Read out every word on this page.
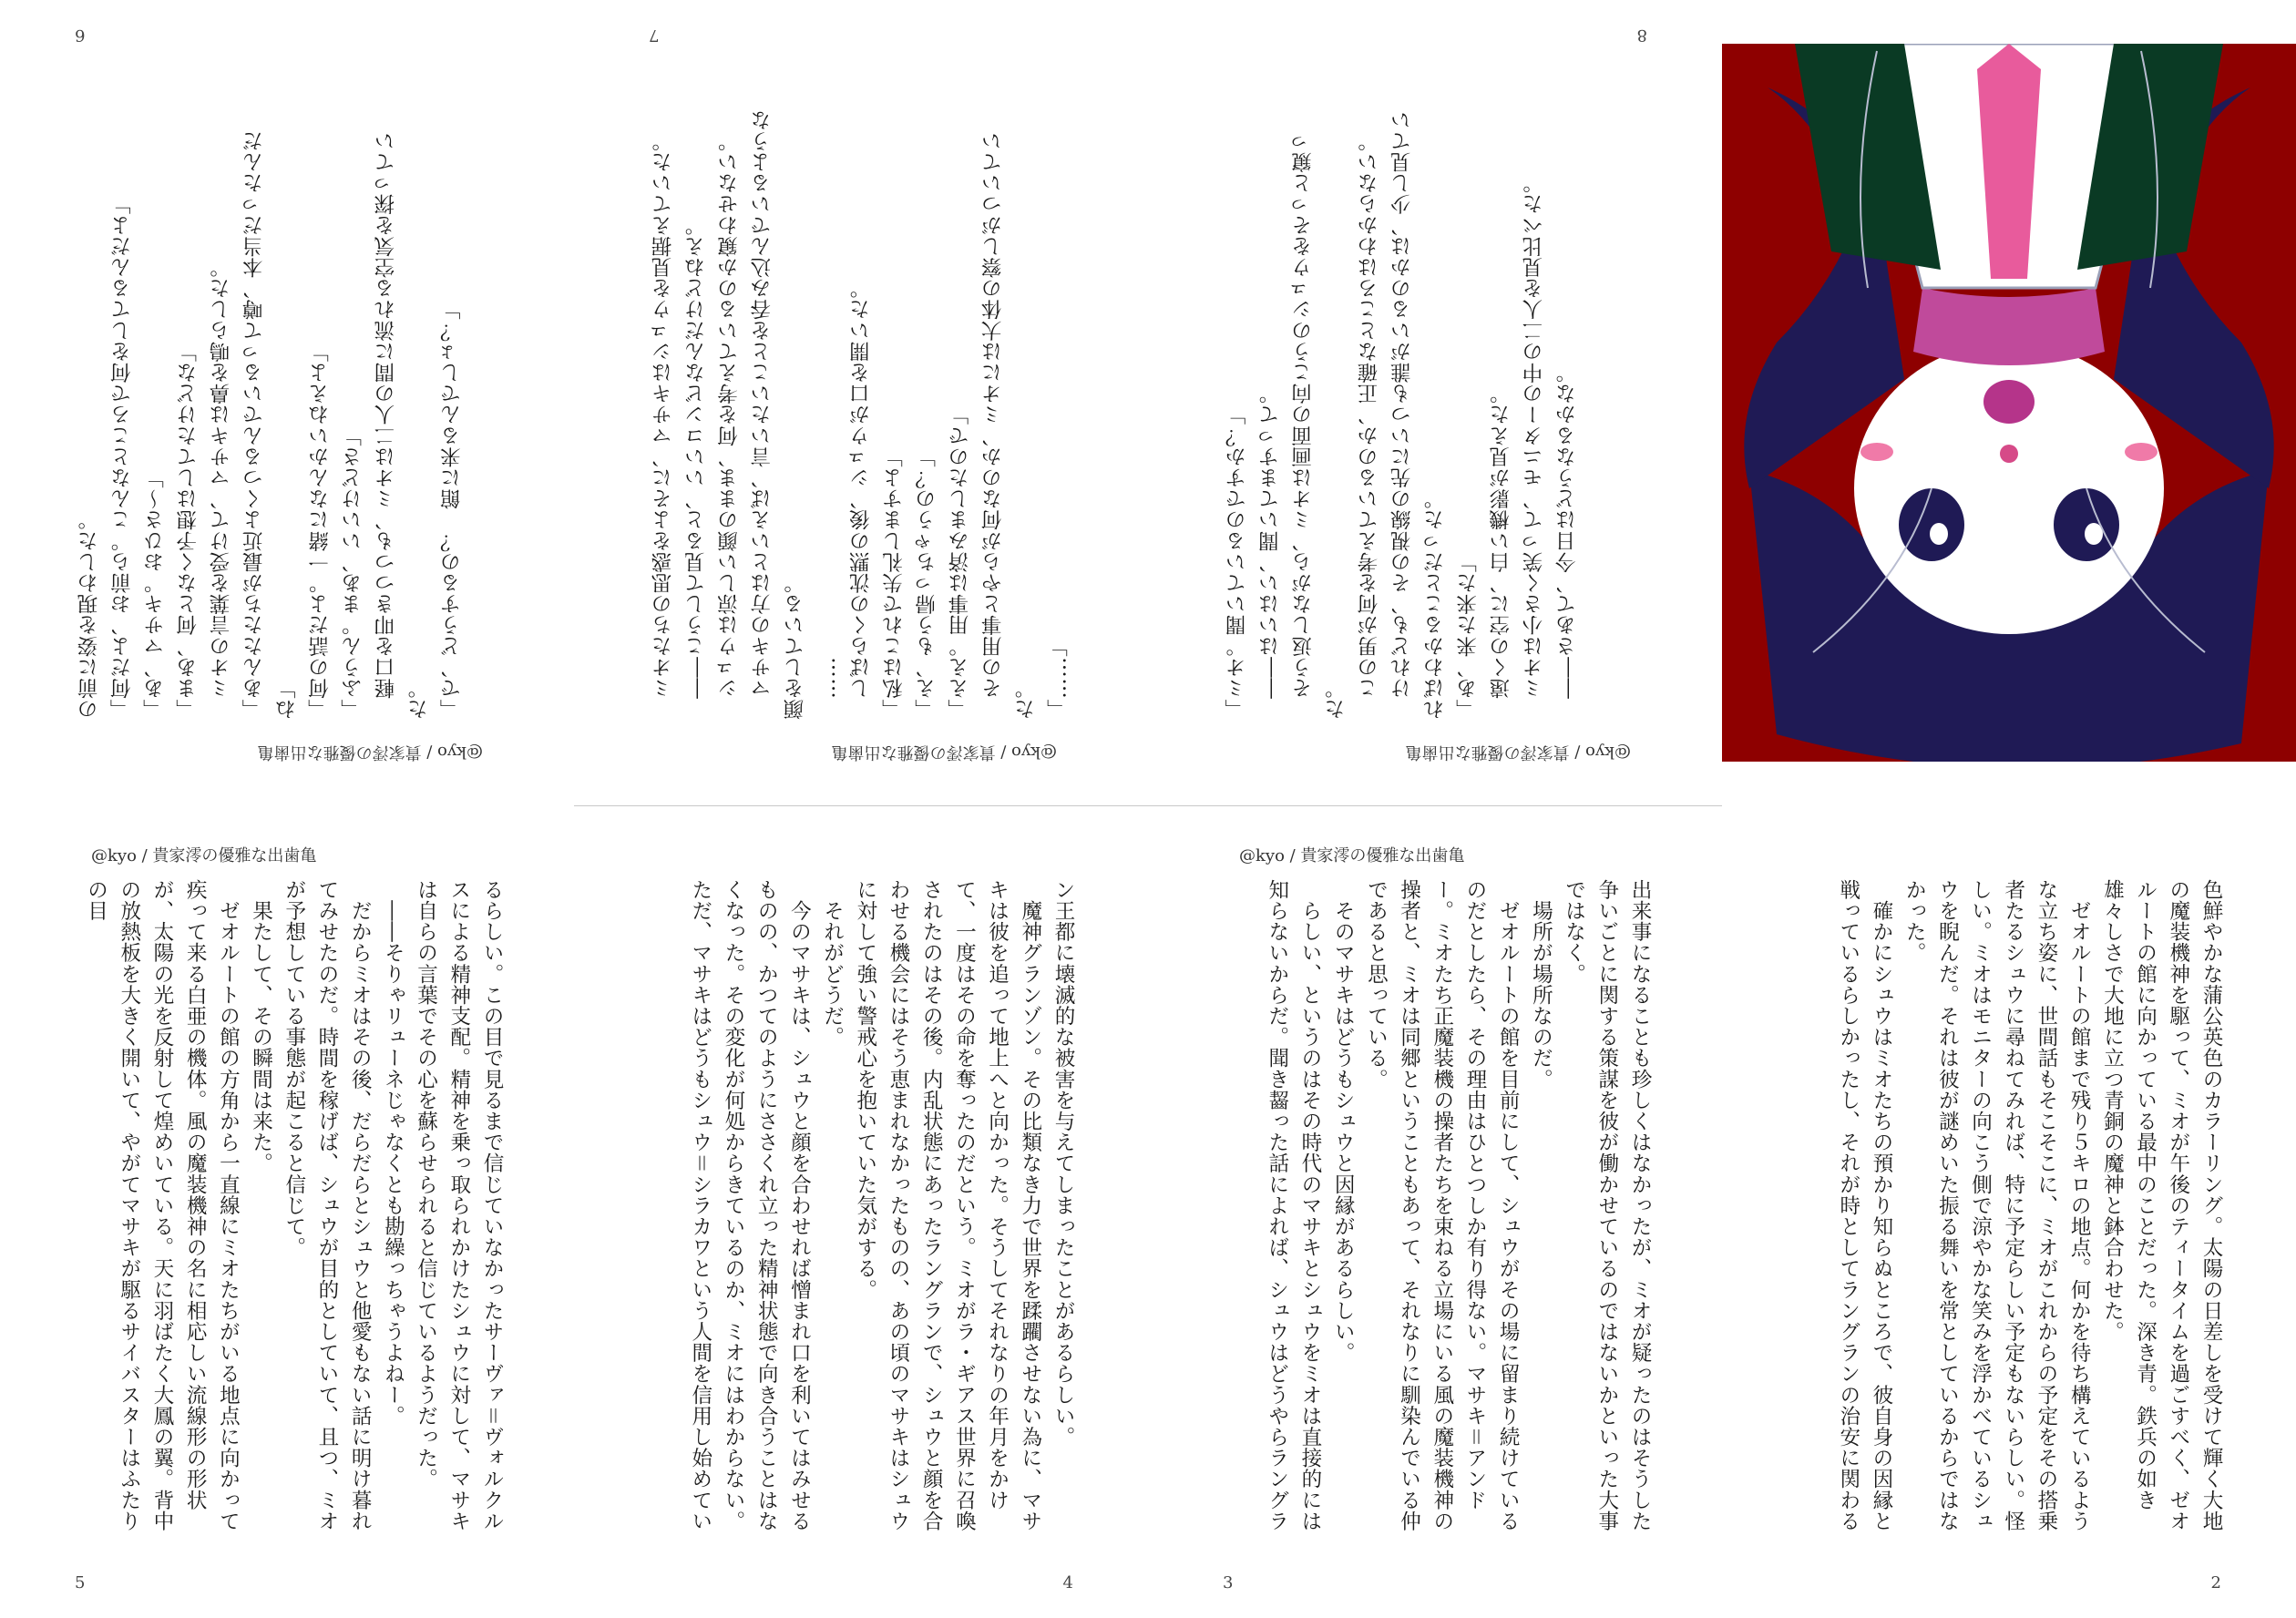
@kyo / 貴家澪の優雅な出歯亀
の前に姿を現わした。
「何だよ、お前ら。こんなところで何をしてるんだよ」
「あ、マサキ。おひさ～」
「まあ、何となく予想はしてたけどな」
　ミオの言葉を受けて、マサキは鼻を鳴らした。
「あんたたちが最近よくつるんでいるって噂、本当だったんだね」
「何の話だよ。一緒になんかいねえよ」
「ふうん。まあ、いいけどさ」
　軽口を叩きつつも、ミオは二人の間に流れる空気を探っていた。
「で、どうするの？　館に来るんでしょ？」
6
@kyo / 貴家澪の優雅な出歯亀
　ミオたちの思惑をよそに、マサキはシュウを見据えていた。
　――こうして見ると、いいコンビなんだけどねえ。
　シュウは涼しい顔のまま、何を考えているのか窺わせない。
　マサキの方はといえば、言いたいことを呑み込んでいるような顔をしている。
　……
　しばらくの沈黙の後、シュウが口を開いた。
「私はこれで失礼しますよ」
「え、もう帰っちゃうの？」
「ええ。用事は済みましたので」
　その用事とやらが何なのか、ミオには大体の察しがついていた。
「……」
7
@kyo / 貴家澪の優雅な出歯亀
「ミオ。聞いているのですか？」
　――はいはい、聞いてますって。
　そう返しながら、ミオは画面の向こうのシュウをそっと窺った。
　この男が何を考えているのか、正確なところはわからない。
　けれども、その視線の先にいつも誰がいるのかは、少し見ていればわかることだった。
「あ、来た来た」
　遠くの空に、白い機影が見えた。
　ミオは小さく笑って、モニターの中の二人を見比べた。
　――さあて、今日はどうなるかな。
8
@kyo / 貴家澪の優雅な出歯亀
るらしい。この目で見るまで信じていなかったサーヴァ＝ヴォルクルスによる精神支配。精神を乗っ取られかけたシュウに対して、マサキは自らの言葉でその心を蘇らせられると信じているようだった。
　――そりゃリューネじゃなくとも勘繰っちゃうよねー。
　だからミオはその後、だらだらとシュウと他愛もない話に明け暮れてみせたのだ。時間を稼げば、シュウが目的としていて、且つ、ミオが予想している事態が起こると信じて。
　果たして、その瞬間は来た。
　ゼオルートの館の方角から一直線にミオたちがいる地点に向かって疾って来る白亜の機体。風の魔装機神の名に相応しい流線形の形状が、太陽の光を反射して煌めいている。天に羽ばたく大鳳の翼。背中の放熱板を大きく開いて、やがてマサキが駆るサイバスターはふたりの目
5
ン王都に壊滅的な被害を与えてしまったことがあるらしい。
　魔神グランゾン。その比類なき力で世界を蹂躙させない為に、マサキは彼を追って地上へと向かった。そうしてそれなりの年月をかけて、一度はその命を奪ったのだという。ミオがラ・ギアス世界に召喚されたのはその後。内乱状態にあったラングランで、シュウと顔を合わせる機会にはそう恵まれなかったものの、あの頃のマサキはシュウに対して強い警戒心を抱いていた気がする。
　それがどうだ。
　今のマサキは、シュウと顔を合わせれば憎まれ口を利いてはみせるものの、かつてのようにささくれ立った精神状態で向き合うことはなくなった。その変化が何処からきているのか、ミオにはわからない。ただ、マサキはどうもシュウ＝シラカワという人間を信用し始めてい
4
@kyo / 貴家澪の優雅な出歯亀
出来事になることも珍しくはなかったが、ミオが疑ったのはそうした争いごとに関する策謀を彼が働かせているのではないかといった大事ではなく。
　場所が場所なのだ。
　ゼオルートの館を目前にして、シュウがその場に留まり続けているのだとしたら、その理由はひとつしか有り得ない。マサキ＝アンドー。ミオたち正魔装機の操者たちを束ねる立場にいる風の魔装機神の操者と、ミオは同郷ということもあって、それなりに馴染んでいる仲であると思っている。
　そのマサキはどうもシュウと因縁があるらしい。
　らしい、というのはその時代のマサキとシュウをミオは直接的には知らないからだ。聞き齧った話によれば、シュウはどうやらラングラ
3
色鮮やかな蒲公英色のカラーリング。太陽の日差しを受けて輝く大地の魔装機神を駆って、ミオが午後のティータイムを過ごすべく、ゼオルートの館に向かっている最中のことだった。深き青。鉄兵の如き雄々しさで大地に立つ青銅の魔神と鉢合わせた。
　ゼオルートの館まで残り５キロの地点。何かを待ち構えているような立ち姿に、世間話もそこそこに、ミオがこれからの予定をその搭乗者たるシュウに尋ねてみれば、特に予定らしい予定もないらしい。怪しい。ミオはモニターの向こう側で涼やかな笑みを浮かべているシュウを睨んだ。それは彼が謎めいた振る舞いを常としているからではなかった。
　確かにシュウはミオたちの預かり知らぬところで、彼自身の因縁と戦っているらしかったし、それが時としてラングランの治安に関わる
2
